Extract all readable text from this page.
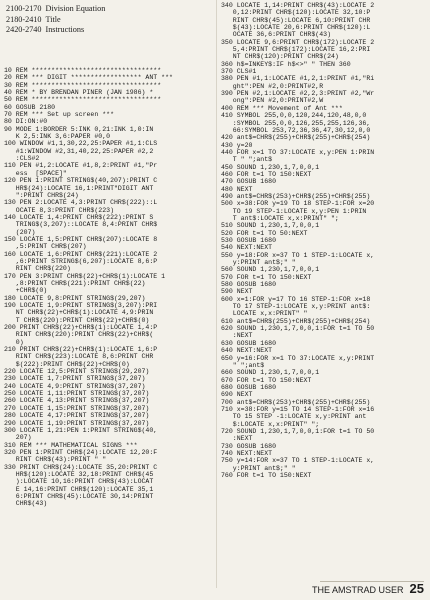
2100-2170	Division Equation
2180-2410	Title
2420-2740	Instructions
10 REM *********************************
20 REM *** DIGIT ****************** ANT ***
30 REM *********************************
40 REM * BY BRENDAN PINER (JAN 1986) *
50 REM *********************************
60 GOSUB 2180
70 REM *** Set up screen ***
80 DI:ON:#0
90 MODE 1:BORDER 5:INK 0,21:INK 1,0:IN
K 2,5:INK 3,6:PAPER #0,0
100 WINDOW #1,1,30,22,25:PAPER #1,1:CLS
#1:WINDOW #2,31,40,22,25:PAPER #2,2
:CLS#2
110 PEN #1,2:LOCATE #1,8,2:PRINT #1,"Pr
ess  [SPACE]"
120 PEN 1:PRINT STRING$(40,207):PRINT C
HR$(24):LOCATE 16,1:PRINT"DIGIT ANT
":PRINT CHR$(24)
130 PEN 2:LOCATE 4,3:PRINT CHR$(222)::L
OCATE 8,3:PRINT CHR$(223)
140 LOCATE 1,4:PRINT CHR$(222):PRINT S
TRING$(3,207)::LOCATE 8,4:PRINT CHR$
(207)
150 LOCATE 1,5:PRINT CHR$(207):LOCATE 8
,5:PRINT CHR$(207)
160 LOCATE 1,6:PRINT CHR$(221):LOCATE 2
,6:PRINT STRING$(6,207):LOCATE 8,6:P
RINT CHR$(220)
170 PEN 3:PRINT CHR$(22)+CHR$(1):LOCATE 1
,8:PRINT CHR$(221):PRINT CHR$(22)
+CHR$(0)
180 LOCATE 9,8:PRINT STRING$(29,207)
190 LOCATE 1,9:PRINT STRING$(3,207):PRI
NT CHR$(22)+CHR$(1):LOCATE 4,9:PRIN
T CHR$(220):PRINT CHR$(22)+CHR$(0)
200 PRINT CHR$(22)+CHR$(1):LOCATE 1,4:P
RINT CHR$(220):PRINT CHR$(22)+CHR$(
0)
210 PRINT CHR$(22)+CHR$(1):LOCATE 1,6:P
RINT CHR$(223):LOCATE 8,6:PRINT CHR
$(222):PRINT CHR$(22)+CHR$(0)
220 LOCATE 12,5:PRINT STRING$(29,207)
230 LOCATE 1,7:PRINT STRING$(37,207)
240 LOCATE 4,9:PRINT STRING$(37,207)
250 LOCATE 1,11:PRINT STRING$(37,207)
260 LOCATE 4,13:PRINT STRING$(37,207)
270 LOCATE 1,15:PRINT STRING$(37,207)
280 LOCATE 4,17:PRINT STRING$(37,207)
290 LOCATE 1,19:PRINT STRING$(37,207)
300 LOCATE 1,21:PEN 1:PRINT STRING$(40,
207)
310 REM *** MATHEMATICAL SIGNS ***
320 PEN 1:PRINT CHR$(24):LOCATE 12,20:F
RINT CHR$(43):PRINT " "
330 PRINT CHR$(24):LOCATE 35,20:PRINT C
HR$(120):LOCATE 32,18:PRINT CHR$(45
):LOCATE 10,16:PRINT CHR$(43):LOCAT
E 14,16:PRINT CHR$(120):LOCATE 35,1
6:PRINT CHR$(45):LOCATE 30,14:PRINT
CHR$(43)
340 LOCATE 1,14:PRINT CHR$(43):LOCATE 2
0,12:PRINT CHR$(120):LOCATE 32,10:P
RINT CHR$(45):LOCATE 6,10:PRINT CHR
$(43):LOCATE 20,6:PRINT CHR$(120):L
OCATE 36,6:PRINT CHR$(43)
350 LOCATE 9,6:PRINT CHR$(172):LOCATE 2
5,4:PRINT CHR$(172):LOCATE 16,2:PRI
NT CHR$(120):PRINT CHR$(24)
360 h$=INKEY$:IF h$<>" " THEN 360
370 CLS#1
380 PEN #1,1:LOCATE #1,2,1:PRINT #1,"Ri
ght":PEN #2,0:PRINT#2,R
390 PEN #2,1:LOCATE #2,2,3:PRINT #2,"Wr
ong":PEN #2,0:PRINT#2,W
400 REM *** Movement of Ant ***
410 SYMBOL 255,0,0,120,244,120,48,0,0
:SYMBOL 255,0,0,126,255,255,126,36,
66:SYMBOL 253,72,36,36,47,30,12,0,0
420 ant$=CHR$(255)+CHR$(255)+CHR$(254)
430 y=20
440 FOR x=1 TO 37:LOCATE x,y:PEN 1:PRIN
T " ";ant$
450 SOUND 1,230,1,7,0,0,1
460 FOR t=1 TO 150:NEXT
470 GOSUB 1680
480 NEXT
490 ant$=CHR$(253)+CHR$(255)+CHR$(255)
500 x=38:FOR y=19 TO 18 STEP-1:FOR x=20
TO 19 STEP-1:LOCATE x,y:PEN 1:PRIN
T ant$:LOCATE x,x:PRINT" ";
510 SOUND 1,230,1,7,0,0,1
520 FOR t=1 TO 50:NEXT
530 GOSUB 1680
540 NEXT:NEXT
550 y=18:FOR x=37 TO 1 STEP-1:LOCATE x,
y:PRINT ant$;" "
560 SOUND 1,230,1,7,0,0,1
570 FOR t=1 TO 150:NEXT
580 GOSUB 1680
590 NEXT
600 x=1:FOR y=17 TO 16 STEP-1:FOR x=18
TO 17 STEP-1:LOCATE x,y:PRINT ant$:
LOCATE x,x:PRINT" "
610 ant$=CHR$(255)+CHR$(255)+CHR$(254)
620 SOUND 1,230,1,7,0,0,1:FOR t=1 TO 50
:NEXT
630 GOSUB 1680
640 NEXT:NEXT
650 y=16:FOR x=1 TO 37:LOCATE x,y:PRINT
" ";ant$
660 SOUND 1,230,1,7,0,0,1
670 FOR t=1 TO 150:NEXT
680 GOSUB 1680
690 NEXT
700 ant$=CHR$(253)+CHR$(255)+CHR$(255)
710 x=38:FOR y=15 TO 14 STEP-1:FOR x=16
TO 15 STEP -1:LOCATE x,y:PRINT ant
$:LOCATE x,x:PRINT" ";
720 SOUND 1,230,1,7,0,0,1:FOR t=1 TO 50
:NEXT
730 GOSUB 1680
740 NEXT:NEXT
750 y=14:FOR x=37 TO 1 STEP-1:LOCATE x,
y:PRINT ant$;" "
760 FOR t=1 TO 150:NEXT
THE AMSTRAD USER 25
